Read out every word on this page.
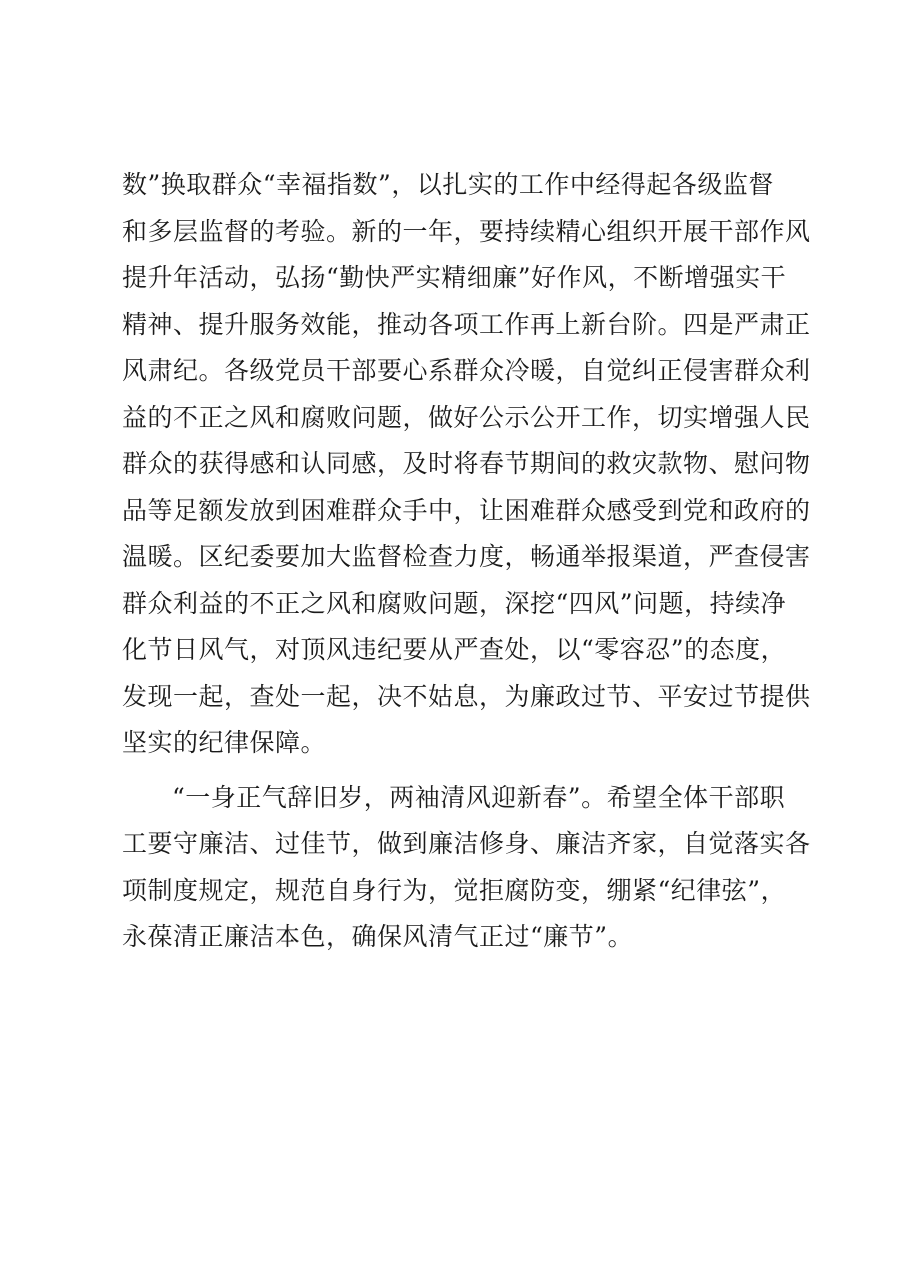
数”换取群众“幸福指数”，以扎实的工作中经得起各级监督
和多层监督的考验。新的一年，要持续精心组织开展干部作风
提升年活动，弘扬“勤快严实精细廉”好作风，不断增强实干
精神、提升服务效能，推动各项工作再上新台阶。四是严肃正
风肃纪。各级党员干部要心系群众冷暖，自觉纠正侵害群众利
益的不正之风和腐败问题，做好公示公开工作，切实增强人民
群众的获得感和认同感，及时将春节期间的救灾款物、慰问物
品等足额发放到困难群众手中，让困难群众感受到党和政府的
温暖。区纪委要加大监督检查力度，畅通举报渠道，严查侵害
群众利益的不正之风和腐败问题，深挖“四风”问题，持续净
化节日风气，对顶风违纪要从严查处，以“零容忍”的态度，
发现一起，查处一起，决不姑息，为廉政过节、平安过节提供
坚实的纪律保障。
“一身正气辞旧岁，两袖清风迎新春”。希望全体干部职
工要守廉洁、过佳节，做到廉洁修身、廉洁齐家，自觉落实各
项制度规定，规范自身行为，觉拒腐防变，绷紧“纪律弦”，
永葆清正廉洁本色，确保风清气正过“廉节”。
